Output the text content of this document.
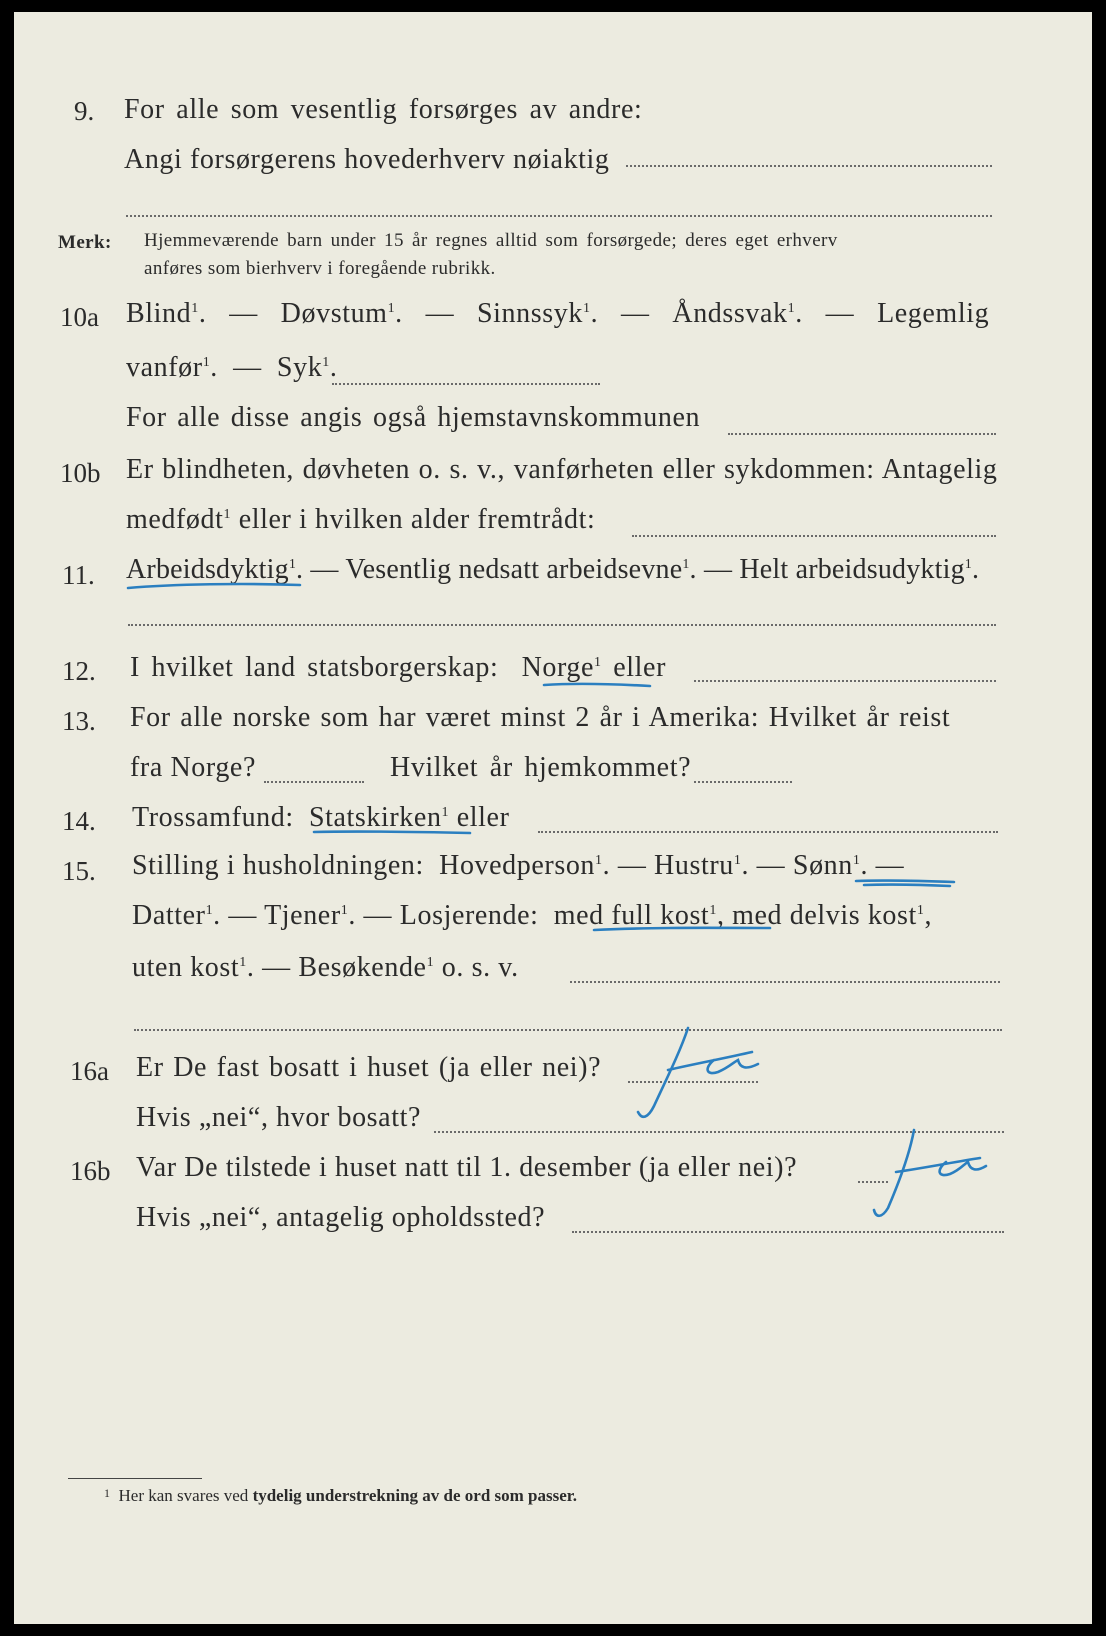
9. For alle som vesentlig forsørges av andre:
Angi forsørgerens hovederhverv nøiaktig
Merk: Hjemmeværende barn under 15 år regnes alltid som forsørgede; deres eget erhverv
anføres som bierhverv i foregående rubrikk.
10a Blind$^1$.   — Døvstum$^1$.   — Sinnssyk$^1$.   — Åndssvak$^1$.   — Legemlig
vanfør$^1$.  — Syk$^1$.
For alle disse angis også hjemstavnskommunen
10b Er blindheten, døvheten o. s. v., vanførheten eller sykdommen: Antagelig
medfødt$^1$ eller i hvilken alder fremtrådt:
11. Arbeidsdyktig$^1$. — Vesentlig nedsatt arbeidsevne$^1$. — Helt arbeidsudyktig$^1$.
12. I hvilket land statsborgerskap: Norge$^1$ eller
13. For alle norske som har været minst 2 år i Amerika: Hvilket år reist
fra Norge?	Hvilket år hjemkommet?
14. Trossamfund: Statskirken$^1$ eller
15. Stilling i husholdningen: Hovedperson$^1$. — Hustru$^1$. — Sønn$^1$. —
Datter$^1$. — Tjener$^1$. — Losjerende: med full kost$^1$, med delvis kost$^1$,
uten kost$^1$. — Besøkende$^1$ o. s. v.
16a Er De fast bosatt i huset (ja eller nei)?
Hvis „nei“, hvor bosatt?
16b Var De tilstede i huset natt til 1. desember (ja eller nei)?
Hvis „nei“, antagelig opholdssted?
$^1$ Her kan svares ved tydelig understrekning av de ord som passer.
